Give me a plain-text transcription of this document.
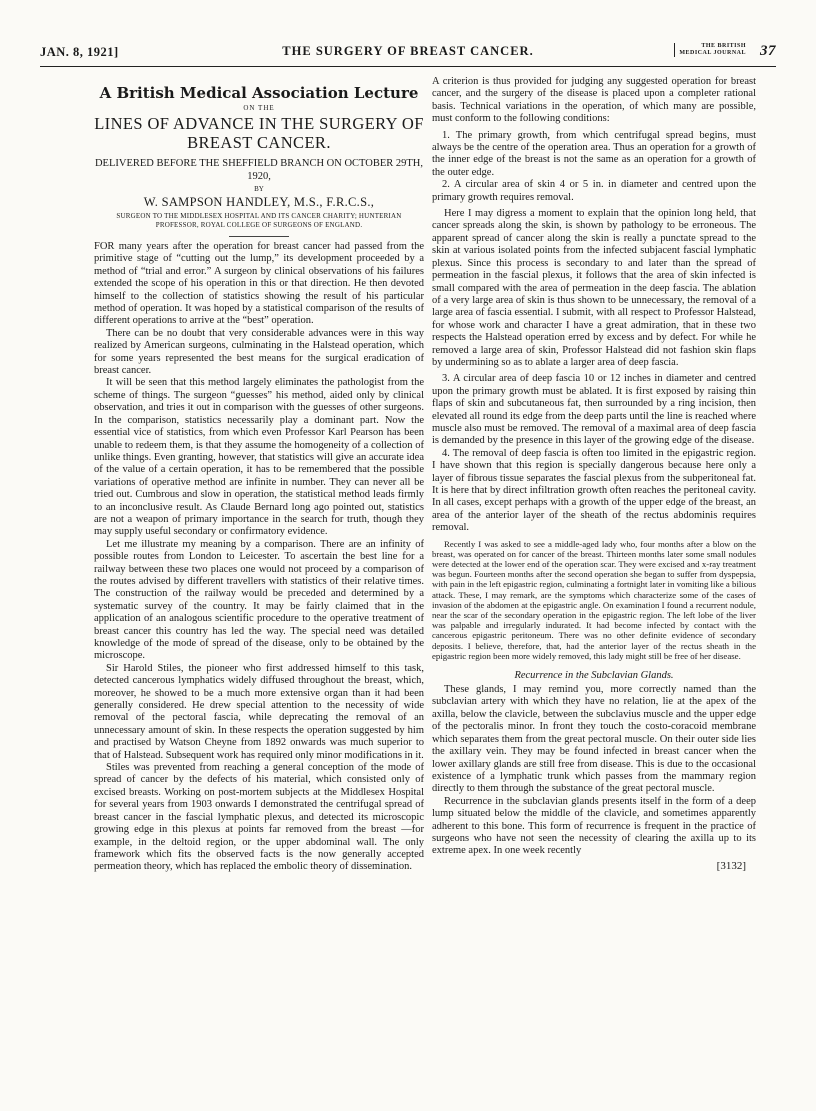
JAN. 8, 1921]	THE SURGERY OF BREAST CANCER.	THE BRITISH
MEDICAL JOURNAL 37
A British Medical Association Lecture
ON THE
LINES OF ADVANCE IN THE SURGERY OF BREAST CANCER.
DELIVERED BEFORE THE SHEFFIELD BRANCH ON OCTOBER 29TH, 1920,
BY
W. SAMPSON HANDLEY, M.S., F.R.C.S.,
SURGEON TO THE MIDDLESEX HOSPITAL AND ITS CANCER CHARITY; HUNTERIAN PROFESSOR, ROYAL COLLEGE OF SURGEONS OF ENGLAND.

FOR many years after the operation for breast cancer had passed from the primitive stage of “cutting out the lump,” its development proceeded by a method of “trial and error.” A surgeon by clinical observations of his failures extended the scope of his operation in this or that direction. He then devoted himself to the collection of statistics showing the result of his particular method of operation. It was hoped by a statistical comparison of the results of different operations to arrive at the “best” operation.

There can be no doubt that very considerable advances were in this way realized by American surgeons, culminating in the Halstead operation, which for some years represented the best means for the surgical eradication of breast cancer.

It will be seen that this method largely eliminates the pathologist from the scheme of things. The surgeon “guesses” his method, aided only by clinical observation, and tries it out in comparison with the guesses of other surgeons. In the comparison, statistics necessarily play a dominant part. Now the essential vice of statistics, from which even Professor Karl Pearson has been unable to redeem them, is that they assume the homogeneity of a collection of unlike things. Even granting, however, that statistics will give an accurate idea of the value of a certain operation, it has to be remembered that the possible variations of operative method are infinite in number. They can never all be tried out. Cumbrous and slow in operation, the statistical method leads firmly to an inconclusive result. As Claude Bernard long ago pointed out, statistics are not a weapon of primary importance in the search for truth, though they may supply useful secondary or confirmatory evidence.

Let me illustrate my meaning by a comparison. There are an infinity of possible routes from London to Leicester. To ascertain the best line for a railway between these two places one would not proceed by a comparison of the routes advised by different travellers with statistics of their relative times. The construction of the railway would be preceded and determined by a systematic survey of the country. It may be fairly claimed that in the application of an analogous scientific procedure to the operative treatment of breast cancer this country has led the way. The special need was detailed knowledge of the mode of spread of the disease, only to be obtained by the microscope.

Sir Harold Stiles, the pioneer who first addressed himself to this task, detected cancerous lymphatics widely diffused throughout the breast, which, moreover, he showed to be a much more extensive organ than it had been generally considered. He drew special attention to the necessity of wide removal of the pectoral fascia, while deprecating the removal of an unnecessary amount of skin. In these respects the operation suggested by him and practised by Watson Cheyne from 1892 onwards was much superior to that of Halstead. Subsequent work has required only minor modifications in it.

Stiles was prevented from reaching a general conception of the mode of spread of cancer by the defects of his material, which consisted only of excised breasts. Working on post-mortem subjects at the Middlesex Hospital for several years from 1903 onwards I demonstrated the centrifugal spread of breast cancer in the fascial lymphatic plexus, and detected its microscopic growing edge in this plexus at points far removed from the breast —for example, in the deltoid region, or the upper abdominal wall. The only framework which fits the observed facts is the now generally accepted permeation theory, which has replaced the embolic theory of dissemination.

A criterion is thus provided for judging any suggested operation for breast cancer, and the surgery of the disease is placed upon a completer rational basis. Technical variations in the operation, of which many are possible, must conform to the following conditions:

1. The primary growth, from which centrifugal spread begins, must always be the centre of the operation area. Thus an operation for a growth of the inner edge of the breast is not the same as an operation for a growth of the outer edge.

2. A circular area of skin 4 or 5 in. in diameter and centred upon the primary growth requires removal.

Here I may digress a moment to explain that the opinion long held, that cancer spreads along the skin, is shown by pathology to be erroneous. The apparent spread of cancer along the skin is really a punctate spread to the skin at various isolated points from the infected subjacent fascial lymphatic plexus. Since this process is secondary to and later than the spread of permeation in the fascial plexus, it follows that the area of skin infected is small compared with the area of permeation in the deep fascia. The ablation of a very large area of skin is thus shown to be unnecessary, the removal of a large area of fascia essential. I submit, with all respect to Professor Halstead, for whose work and character I have a great admiration, that in these two respects the Halstead operation erred by excess and by defect. For while he removed a large area of skin, Professor Halstead did not fashion skin flaps by undermining so as to ablate a larger area of deep fascia.

3. A circular area of deep fascia 10 or 12 inches in diameter and centred upon the primary growth must be ablated. It is first exposed by raising thin flaps of skin and subcutaneous fat, then surrounded by a ring incision, then elevated all round its edge from the deep parts until the line is reached where muscle also must be removed. The removal of a maximal area of deep fascia is demanded by the presence in this layer of the growing edge of the disease.

4. The removal of deep fascia is often too limited in the epigastric region. I have shown that this region is specially dangerous because here only a layer of fibrous tissue separates the fascial plexus from the subperitoneal fat. It is here that by direct infiltration growth often reaches the peritoneal cavity. In all cases, except perhaps with a growth of the upper edge of the breast, an area of the anterior layer of the sheath of the rectus abdominis requires removal.

Recently I was asked to see a middle-aged lady who, four months after a blow on the breast, was operated on for cancer of the breast. Thirteen months later some small nodules were detected at the lower end of the operation scar. They were excised and x-ray treatment was begun. Fourteen months after the second operation she began to suffer from dyspepsia, with pain in the left epigastric region, culminating a fortnight later in vomiting like a bilious attack. These, I may remark, are the symptoms which characterize some of the cases of invasion of the abdomen at the epigastric angle. On examination I found a recurrent nodule, near the scar of the secondary operation in the epigastric region. The left lobe of the liver was palpable and irregularly indurated. It had become infected by contact with the cancerous epigastric peritoneum. There was no other definite evidence of secondary deposits. I believe, therefore, that, had the anterior layer of the rectus sheath in the epigastric region been more widely removed, this lady might still be free of her disease.

Recurrence in the Subclavian Glands.

These glands, I may remind you, more correctly named than the subclavian artery with which they have no relation, lie at the apex of the axilla, below the clavicle, between the subclavius muscle and the upper edge of the pectoralis minor. In front they touch the costo-coracoid membrane which separates them from the great pectoral muscle. On their outer side lies the axillary vein. They may be found infected in breast cancer when the lower axillary glands are still free from disease. This is due to the occasional existence of a lymphatic trunk which passes from the mammary region directly to them through the substance of the great pectoral muscle.

Recurrence in the subclavian glands presents itself in the form of a deep lump situated below the middle of the clavicle, and sometimes apparently adherent to this bone. This form of recurrence is frequent in the practice of surgeons who have not seen the necessity of clearing the axilla up to its extreme apex. In one week recently

[3132]
